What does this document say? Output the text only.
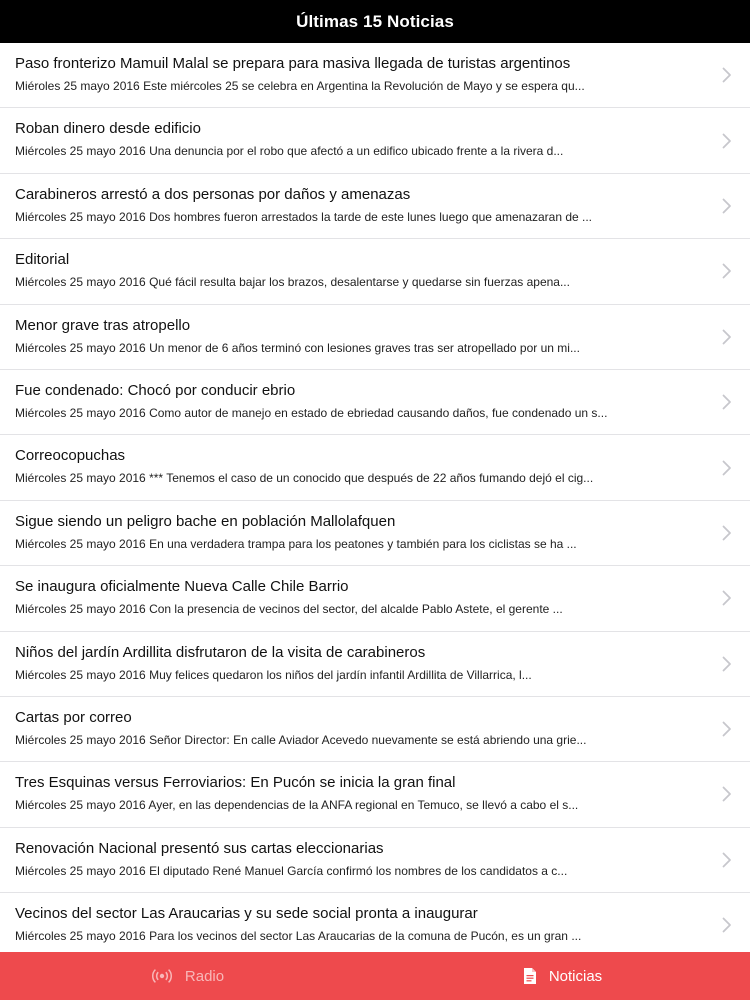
Últimas 15 Noticias
Paso fronterizo Mamuil Malal se prepara para masiva llegada de turistas argentinos
Miéroles 25 mayo 2016 Este miércoles 25 se celebra en Argentina la Revolución de Mayo y se espera qu...
Roban dinero desde edificio
Miércoles 25 mayo 2016 Una denuncia por el robo que afectó a un edifico ubicado frente a la rivera d...
Carabineros arrestó a dos personas por daños y amenazas
Miércoles 25 mayo 2016 Dos hombres fueron arrestados la tarde de este lunes luego que amenazaran de ...
Editorial
Miércoles 25 mayo 2016 Qué fácil resulta bajar los brazos, desalentarse y quedarse sin fuerzas apena...
Menor grave tras atropello
Miércoles 25 mayo 2016 Un menor de 6 años terminó con lesiones graves tras ser atropellado por un mi...
Fue condenado: Chocó por conducir ebrio
Miércoles 25 mayo 2016 Como autor de manejo en estado de ebriedad causando daños, fue condenado un s...
Correocopuchas
Miércoles 25 mayo 2016 *** Tenemos el caso de un conocido que después de 22 años fumando dejó el cig...
Sigue siendo un peligro bache en población Mallolafquen
Miércoles 25 mayo 2016 En una verdadera trampa para los peatones y también para los ciclistas se ha ...
Se inaugura oficialmente Nueva Calle Chile Barrio
Miércoles 25 mayo 2016 Con la presencia de vecinos del sector, del alcalde Pablo Astete, el gerente ...
Niños del jardín Ardillita disfrutaron de la visita de carabineros
Miércoles 25 mayo 2016 Muy felices quedaron los niños del jardín infantil Ardillita de Villarrica, l...
Cartas por correo
Miércoles 25 mayo 2016 Señor Director: En calle Aviador Acevedo nuevamente se está abriendo una grie...
Tres Esquinas versus Ferroviarios: En Pucón se inicia la gran final
Miércoles 25 mayo 2016 Ayer, en las dependencias de la ANFA regional en Temuco, se llevó a cabo el s...
Renovación Nacional presentó sus cartas eleccionarias
Miércoles 25 mayo 2016 El diputado René Manuel García confirmó los nombres de los candidatos a c...
Vecinos del sector Las Araucarias y su sede social pronta a inaugurar
Miércoles 25 mayo 2016 Para los vecinos del sector Las Araucarias de la comuna de Pucón, es un gran ...
Radio	Noticias
